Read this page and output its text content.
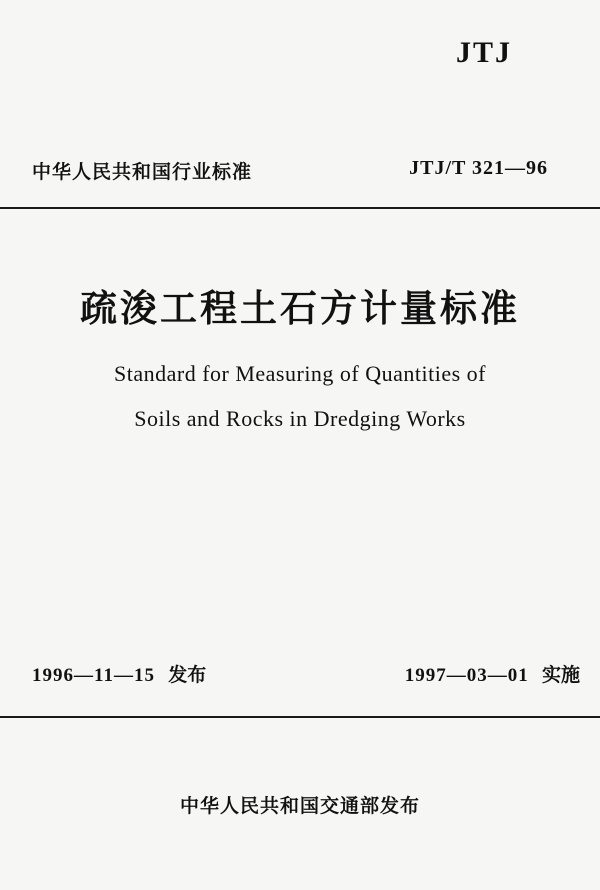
JTJ
中华人民共和国行业标准	JTJ/T 321—96
疏浚工程土石方计量标准
Standard for Measuring of Quantities of
Soils and Rocks in Dredging Works
1996—11—15 发布	1997—03—01 实施
中华人民共和国交通部发布
